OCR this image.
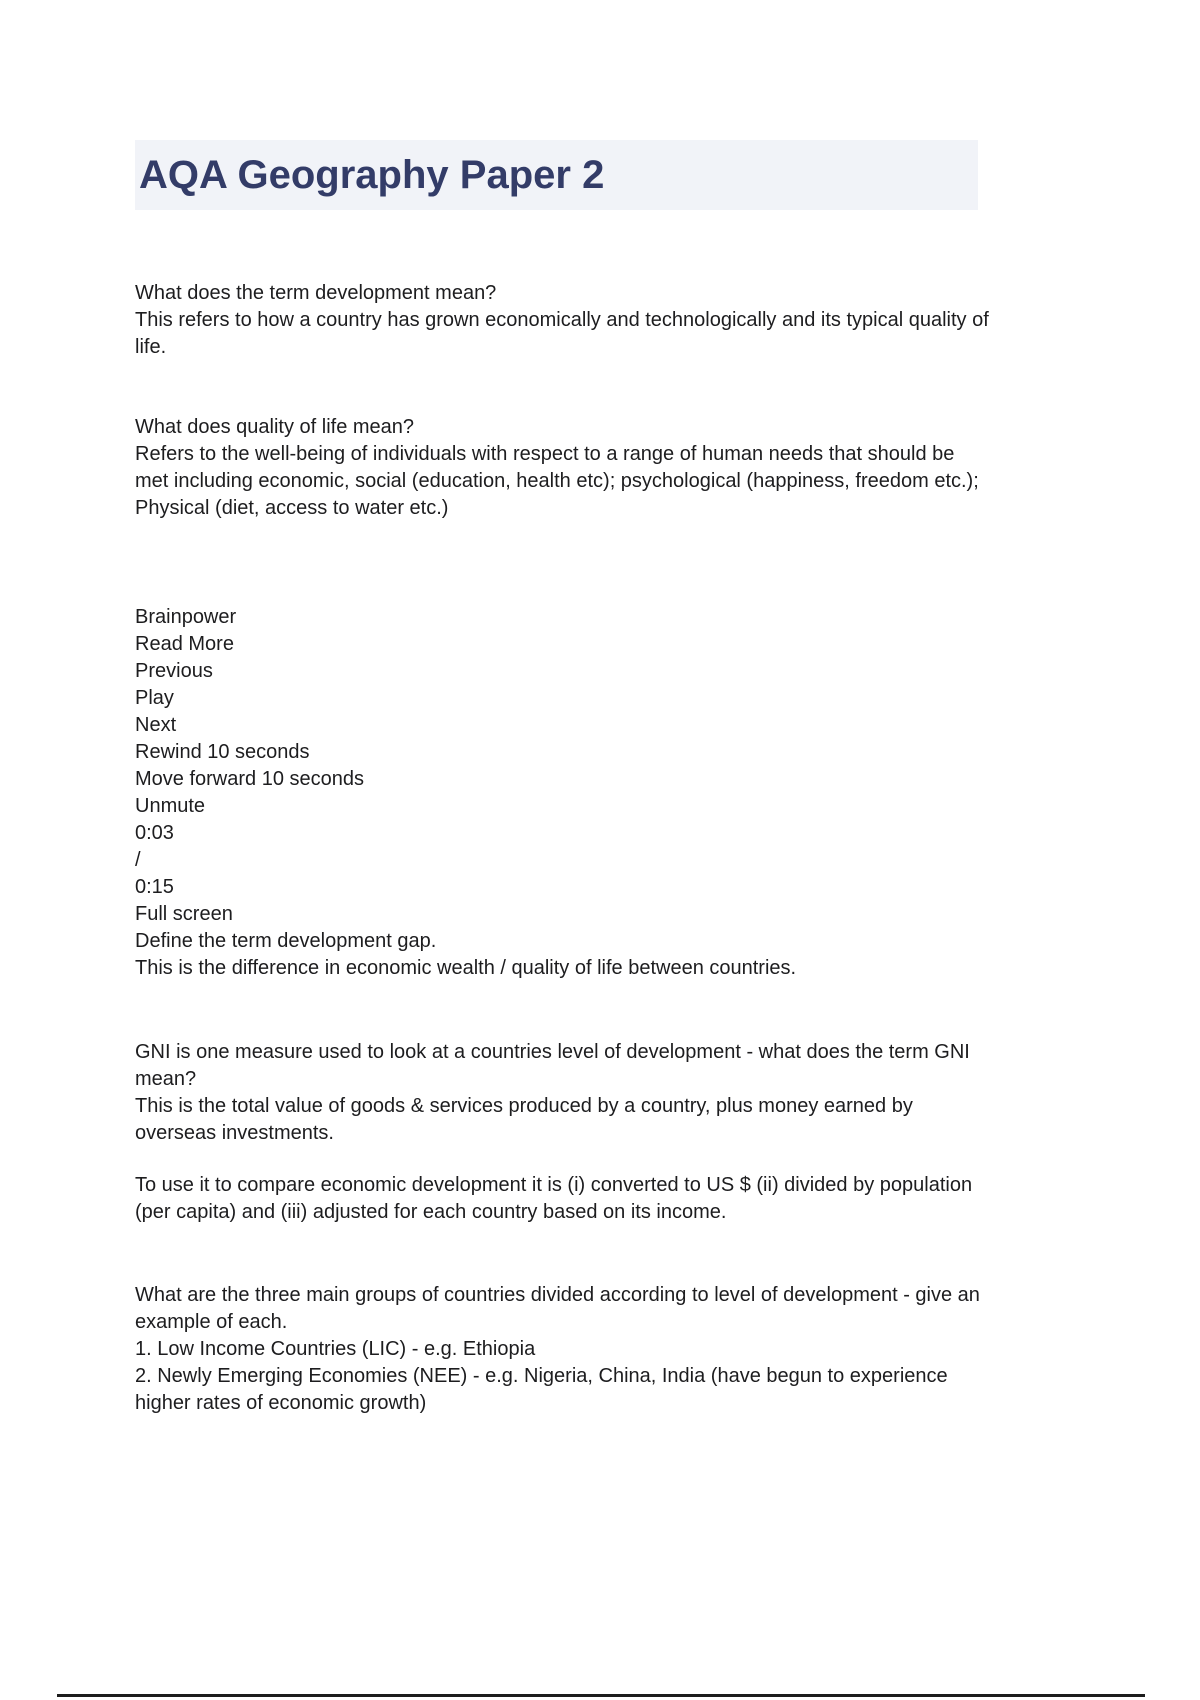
AQA Geography Paper 2

What does the term development mean?

This refers to how a country has grown economically and technologically and its typical quality of life.

What does quality of life mean?

Refers to the well-being of individuals with respect to a range of human needs that should be met including economic, social (education, health etc); psychological (happiness, freedom etc.); Physical (diet, access to water etc.)

Brainpower

Read More

Previous

Play

Next

Rewind 10 seconds

Move forward 10 seconds

Unmute

0:03

/

0:15

Full screen

Define the term development gap.

This is the difference in economic wealth / quality of life between countries.

GNI is one measure used to look at a countries level of development - what does the term GNI mean?

This is the total value of goods & services produced by a country, plus money earned by overseas investments.

To use it to compare economic development it is (i) converted to US $ (ii) divided by population (per capita) and (iii) adjusted for each country based on its income.

What are the three main groups of countries divided according to level of development - give an example of each.

1. Low Income Countries (LIC) - e.g. Ethiopia

2. Newly Emerging Economies (NEE) - e.g. Nigeria, China, India (have begun to experience higher rates of economic growth)
